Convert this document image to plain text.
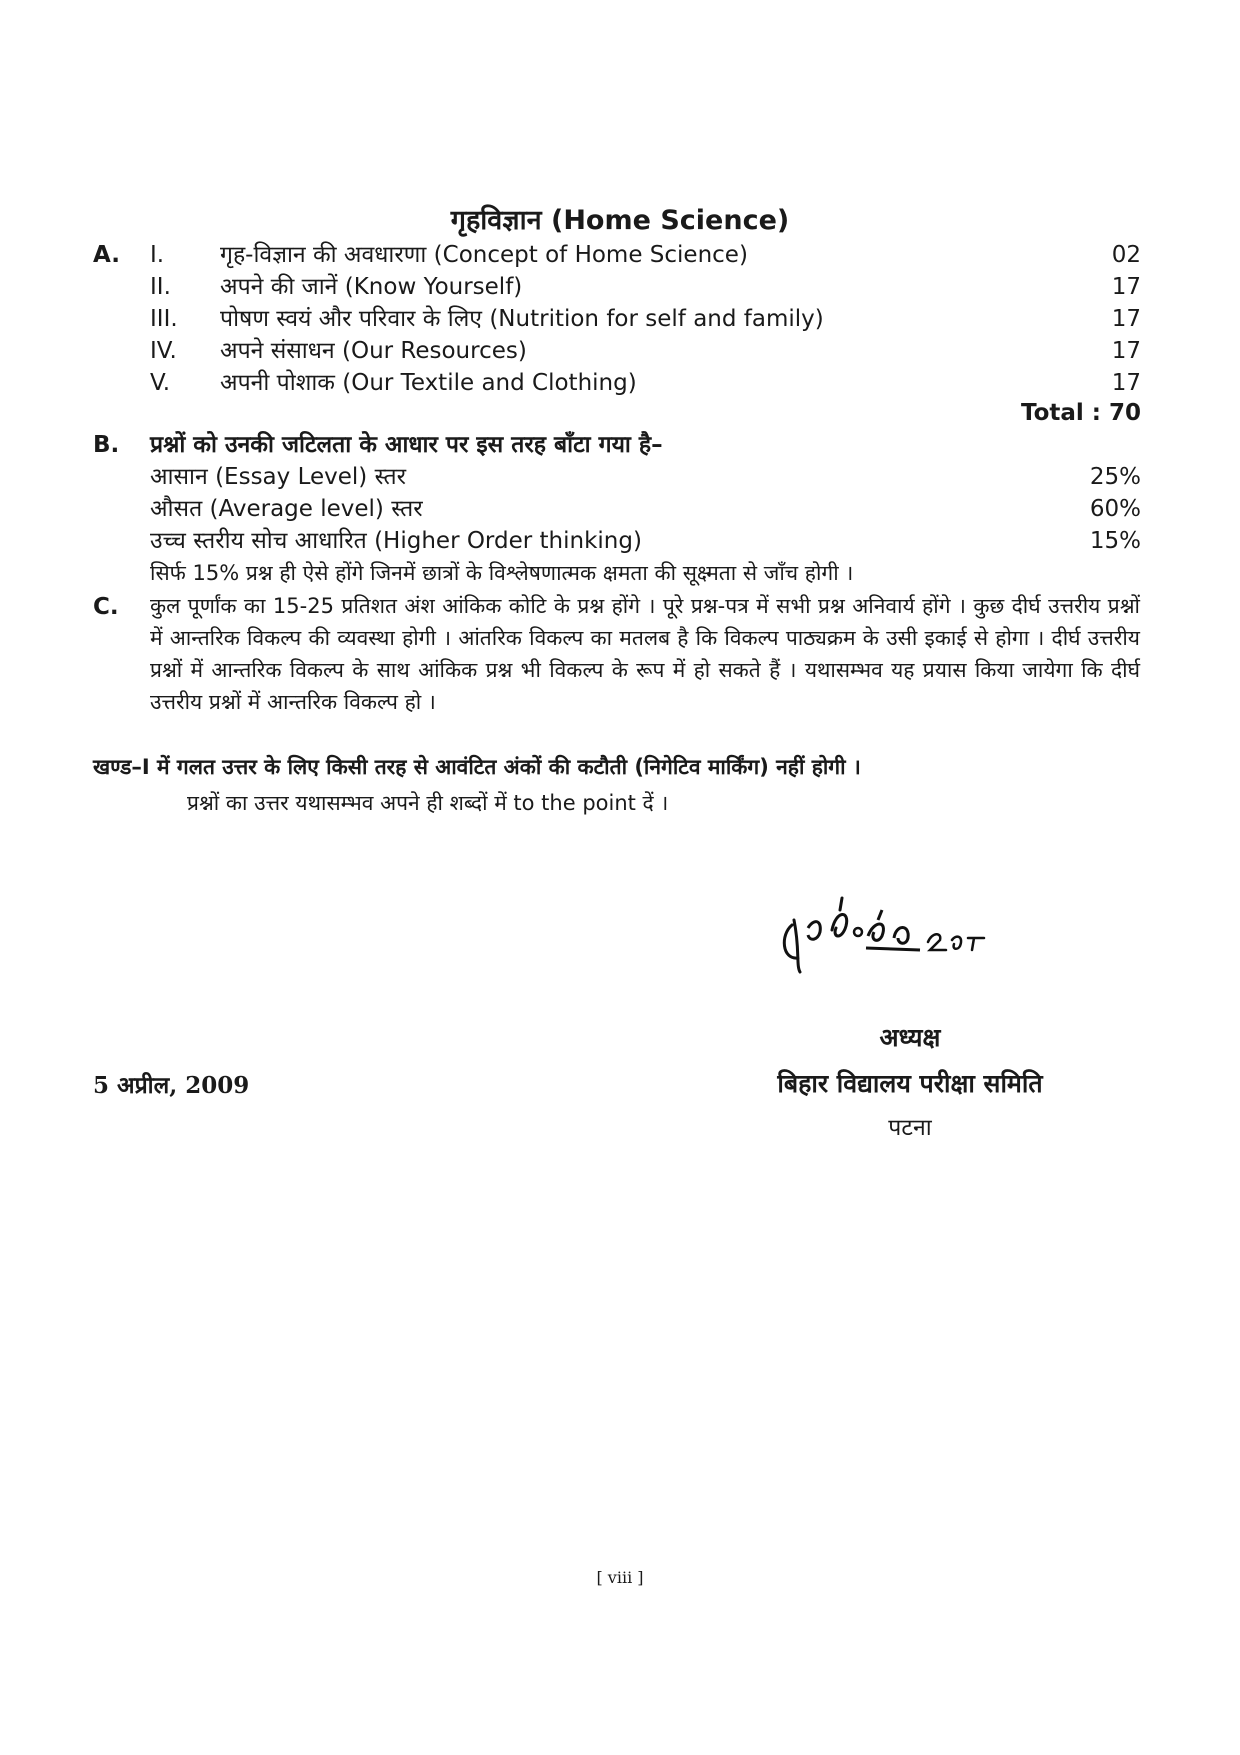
गृहविज्ञान (Home Science)
A. I. गृह-विज्ञान की अवधारणा (Concept of Home Science)	02
II. अपने की जानें (Know Yourself)	17
III. पोषण स्वयं और परिवार के लिए (Nutrition for self and family)	17
IV. अपने संसाधन (Our Resources)	17
V. अपनी पोशाक (Our Textile and Clothing)	17
Total : 70
B. प्रश्नों को उनकी जटिलता के आधार पर इस तरह बाँटा गया है–
आसान (Essay Level) स्तर	25%
औसत (Average level) स्तर	60%
उच्च स्तरीय सोच आधारित (Higher Order thinking)	15%
सिर्फ 15% प्रश्न ही ऐसे होंगे जिनमें छात्रों के विश्लेषणात्मक क्षमता की सूक्ष्मता से जाँच होगी ।
C. कुल पूर्णांक का 15-25 प्रतिशत अंश आंकिक कोटि के प्रश्न होंगे । पूरे प्रश्न-पत्र में सभी प्रश्न अनिवार्य होंगे । कुछ दीर्घ उत्तरीय प्रश्नों में आन्तरिक विकल्प की व्यवस्था होगी । आंतरिक विकल्प का मतलब है कि विकल्प पाठ्यक्रम के उसी इकाई से होगा । दीर्घ उत्तरीय प्रश्नों में आन्तरिक विकल्प के साथ आंकिक प्रश्न भी विकल्प के रूप में हो सकते हैं । यथासम्भव यह प्रयास किया जायेगा कि दीर्घ उत्तरीय प्रश्नों में आन्तरिक विकल्प हो ।

खण्ड–I में गलत उत्तर के लिए किसी तरह से आवंटित अंकों की कटौती (निगेटिव मार्किंग) नहीं होगी ।
प्रश्नों का उत्तर यथासम्भव अपने ही शब्दों में to the point दें ।
अध्यक्ष
बिहार विद्यालय परीक्षा समिति
पटना
5 अप्रील, 2009
[ viii ]
